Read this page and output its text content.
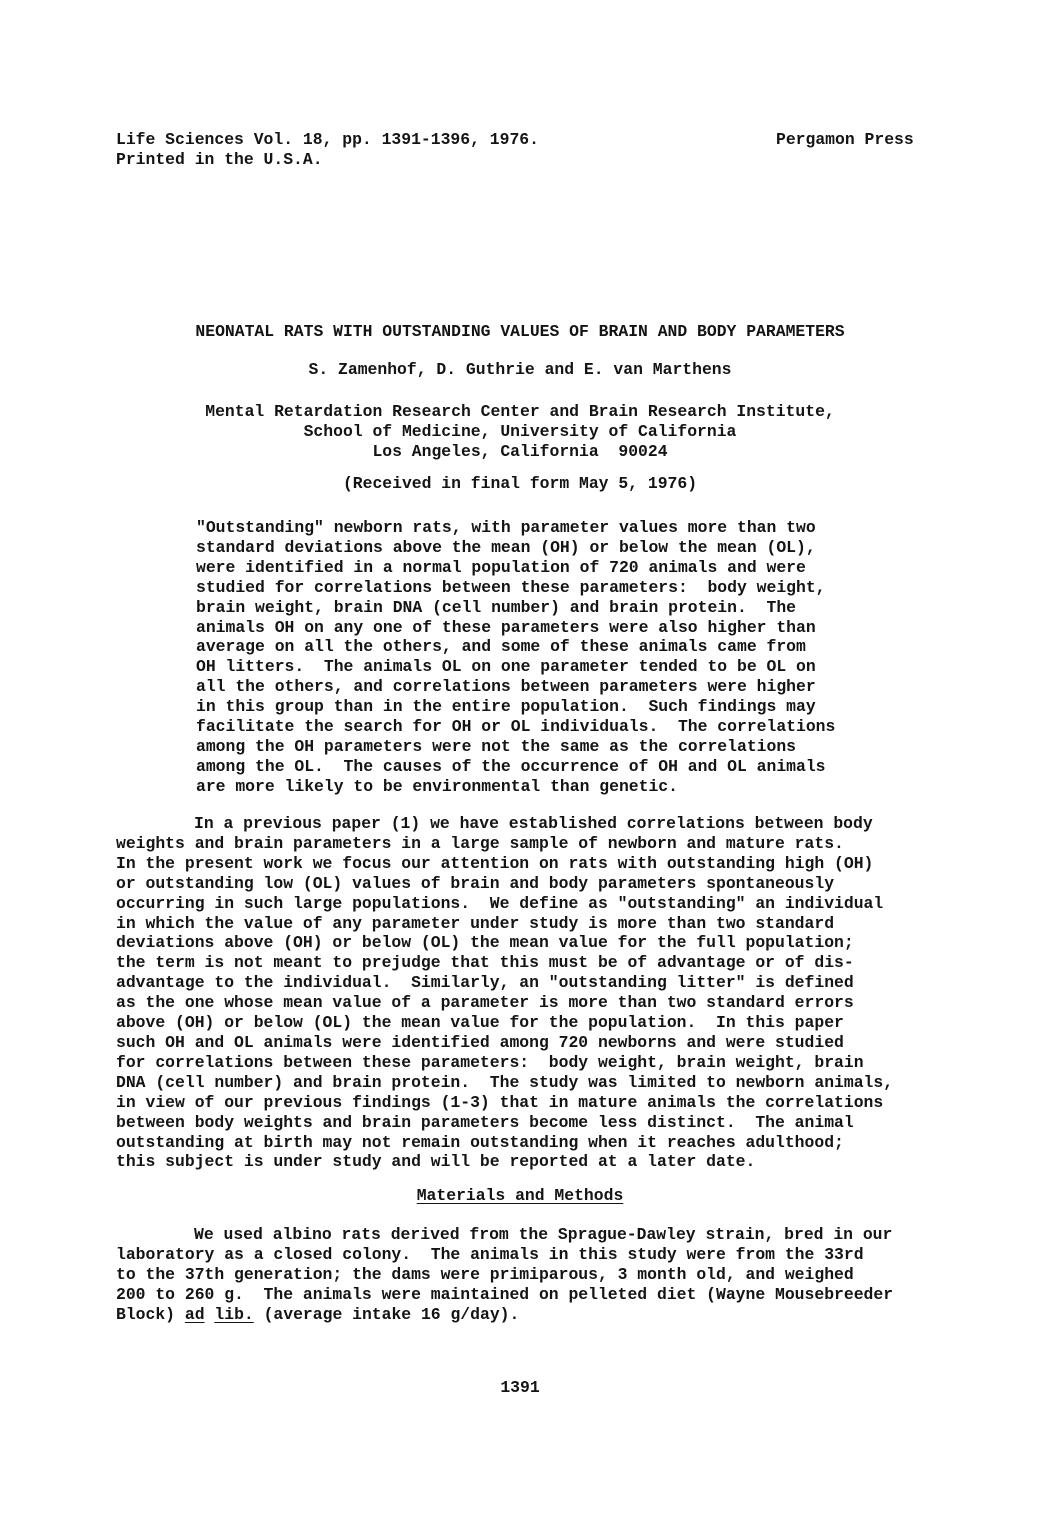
Life Sciences Vol. 18, pp. 1391-1396, 1976.
Printed in the U.S.A.
Pergamon Press
NEONATAL RATS WITH OUTSTANDING VALUES OF BRAIN AND BODY PARAMETERS
S. Zamenhof, D. Guthrie and E. van Marthens
Mental Retardation Research Center and Brain Research Institute,
School of Medicine, University of California
Los Angeles, California  90024
(Received in final form May 5, 1976)
"Outstanding" newborn rats, with parameter values more than two
standard deviations above the mean (OH) or below the mean (OL),
were identified in a normal population of 720 animals and were
studied for correlations between these parameters:  body weight,
brain weight, brain DNA (cell number) and brain protein.  The
animals OH on any one of these parameters were also higher than
average on all the others, and some of these animals came from
OH litters.  The animals OL on one parameter tended to be OL on
all the others, and correlations between parameters were higher
in this group than in the entire population.  Such findings may
facilitate the search for OH or OL individuals.  The correlations
among the OH parameters were not the same as the correlations
among the OL.  The causes of the occurrence of OH and OL animals
are more likely to be environmental than genetic.
In a previous paper (1) we have established correlations between body
weights and brain parameters in a large sample of newborn and mature rats.
In the present work we focus our attention on rats with outstanding high (OH)
or outstanding low (OL) values of brain and body parameters spontaneously
occurring in such large populations.  We define as "outstanding" an individual
in which the value of any parameter under study is more than two standard
deviations above (OH) or below (OL) the mean value for the full population;
the term is not meant to prejudge that this must be of advantage or of dis-
advantage to the individual.  Similarly, an "outstanding litter" is defined
as the one whose mean value of a parameter is more than two standard errors
above (OH) or below (OL) the mean value for the population.  In this paper
such OH and OL animals were identified among 720 newborns and were studied
for correlations between these parameters:  body weight, brain weight, brain
DNA (cell number) and brain protein.  The study was limited to newborn animals,
in view of our previous findings (1-3) that in mature animals the correlations
between body weights and brain parameters become less distinct.  The animal
outstanding at birth may not remain outstanding when it reaches adulthood;
this subject is under study and will be reported at a later date.
Materials and Methods
We used albino rats derived from the Sprague-Dawley strain, bred in our
laboratory as a closed colony.  The animals in this study were from the 33rd
to the 37th generation; the dams were primiparous, 3 month old, and weighed
200 to 260 g.  The animals were maintained on pelleted diet (Wayne Mousebreeder
Block) ad lib. (average intake 16 g/day).
1391
